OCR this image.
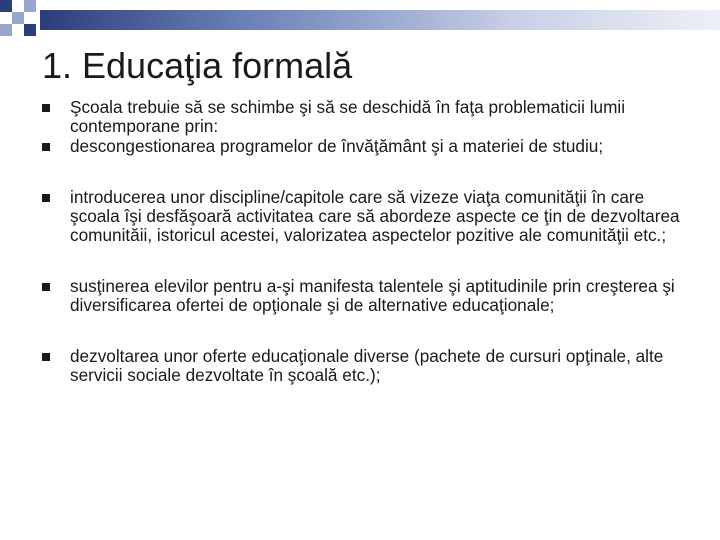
1. Educaţia formală
Şcoala trebuie să se schimbe şi să se deschidă în faţa problematicii lumii contemporane prin:
descongestionarea programelor de învăţământ şi a materiei de studiu;
introducerea unor discipline/capitole care să vizeze viaţa comunităţii în care şcoala îşi desfăşoară activitatea care să abordeze aspecte ce ţin de dezvoltarea comunităii, istoricul acestei, valorizatea aspectelor pozitive ale comunităţii etc.;
susţinerea elevilor pentru a-şi manifesta talentele şi aptitudinile prin creşterea şi diversificarea ofertei de opţionale şi de alternative educaţionale;
dezvoltarea unor oferte educaţionale diverse (pachete de cursuri opţinale, alte servicii sociale dezvoltate în şcoală etc.);
